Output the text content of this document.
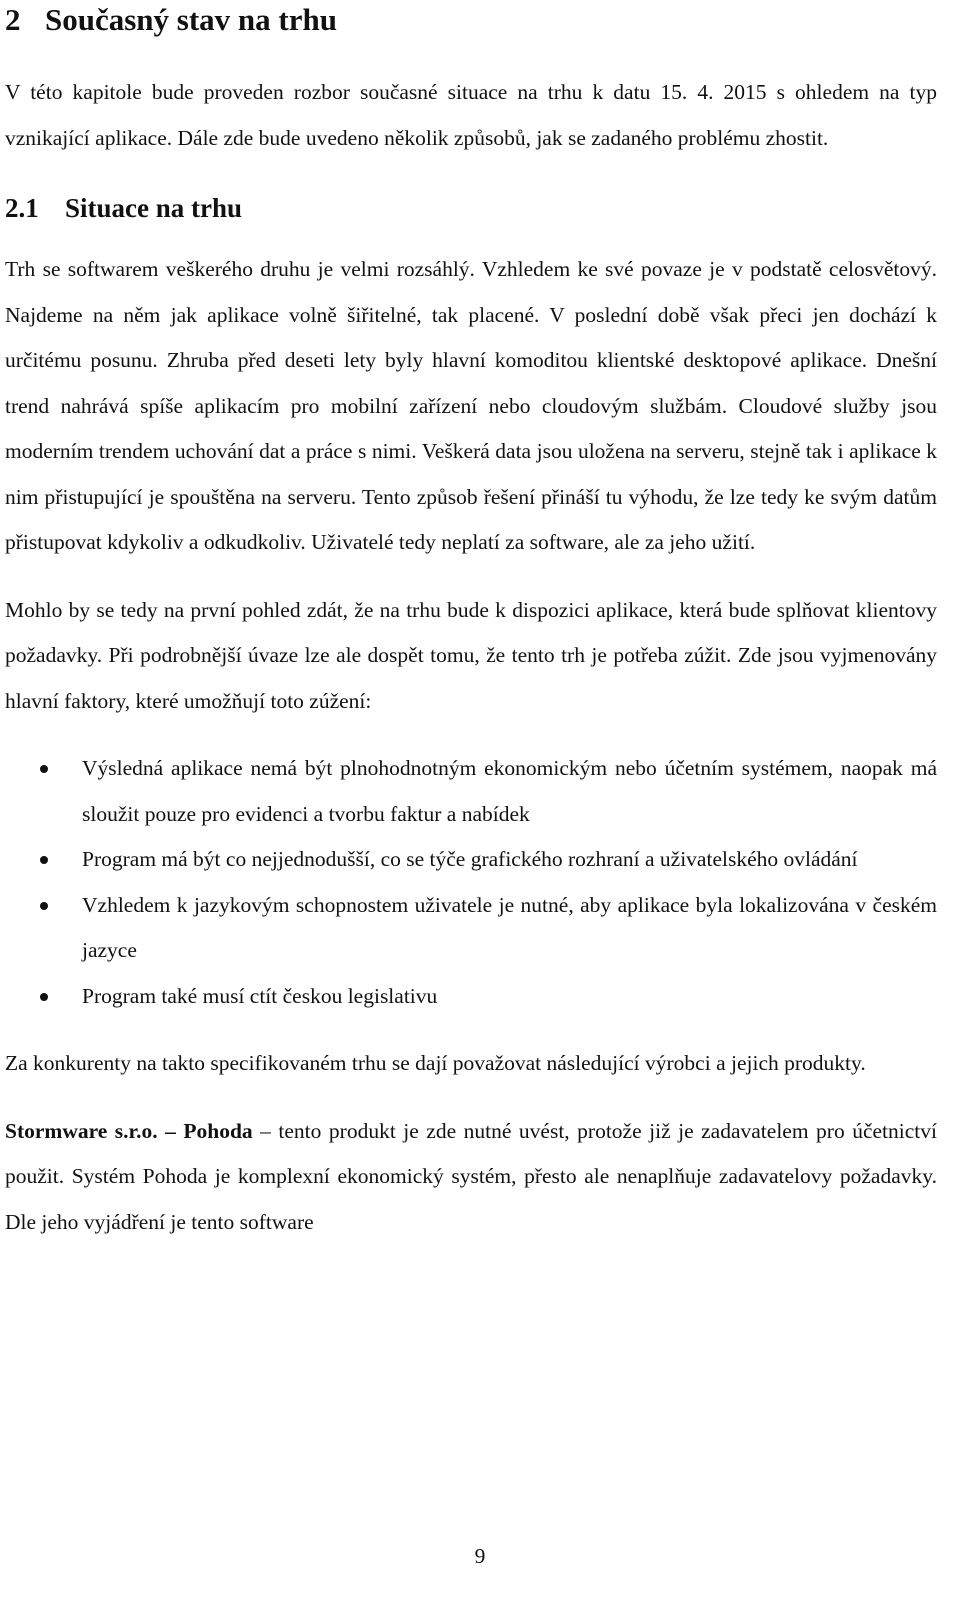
2 Současný stav na trhu

V této kapitole bude proveden rozbor současné situace na trhu k datu 15. 4. 2015 s ohledem na typ vznikající aplikace. Dále zde bude uvedeno několik způsobů, jak se zadaného problému zhostit.

2.1 Situace na trhu

Trh se softwarem veškerého druhu je velmi rozsáhlý. Vzhledem ke své povaze je v podstatě celosvětový. Najdeme na něm jak aplikace volně šiřitelné, tak placené. V poslední době však přeci jen dochází k určitému posunu. Zhruba před deseti lety byly hlavní komoditou klientské desktopové aplikace. Dnešní trend nahrává spíše aplikacím pro mobilní zařízení nebo cloudovým službám. Cloudové služby jsou moderním trendem uchování dat a práce s nimi. Veškerá data jsou uložena na serveru, stejně tak i aplikace k nim přistupující je spouštěna na serveru. Tento způsob řešení přináší tu výhodu, že lze tedy ke svým datům přistupovat kdykoliv a odkudkoliv. Uživatelé tedy neplatí za software, ale za jeho užití.

Mohlo by se tedy na první pohled zdát, že na trhu bude k dispozici aplikace, která bude splňovat klientovy požadavky. Při podrobnější úvaze lze ale dospět tomu, že tento trh je potřeba zúžit. Zde jsou vyjmenovány hlavní faktory, které umožňují toto zúžení:

Výsledná aplikace nemá být plnohodnotným ekonomickým nebo účetním systémem, naopak má sloužit pouze pro evidenci a tvorbu faktur a nabídek
Program má být co nejjednodušší, co se týče grafického rozhraní a uživatelského ovládání
Vzhledem k jazykovým schopnostem uživatele je nutné, aby aplikace byla lokalizována v českém jazyce
Program také musí ctít českou legislativu

Za konkurenty na takto specifikovaném trhu se dají považovat následující výrobci a jejich produkty.

Stormware s.r.o. – Pohoda – tento produkt je zde nutné uvést, protože již je zadavatelem pro účetnictví použit. Systém Pohoda je komplexní ekonomický systém, přesto ale nenaplňuje zadavatelovy požadavky. Dle jeho vyjádření je tento software

9
